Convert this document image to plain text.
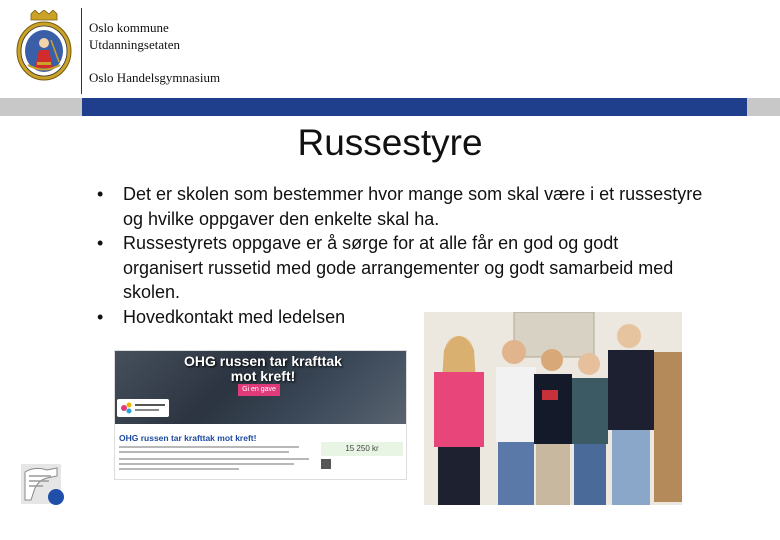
Oslo kommune
Utdanningsetaten
Oslo Handelsgymnasium
Russestyre
• Det er skolen som bestemmer hvor mange som skal være i et russestyre og hvilke oppgaver den enkelte skal ha.
• Russestyrets oppgave er å sørge for at alle får en god og godt organisert russetid med gode arrangementer og godt samarbeid med skolen.
• Hovedkontakt med ledelsen
OHG russen tar krafttak mot kreft!
Gi en gave
OHG russen tar krafttak mot kreft!
15 250 kr
